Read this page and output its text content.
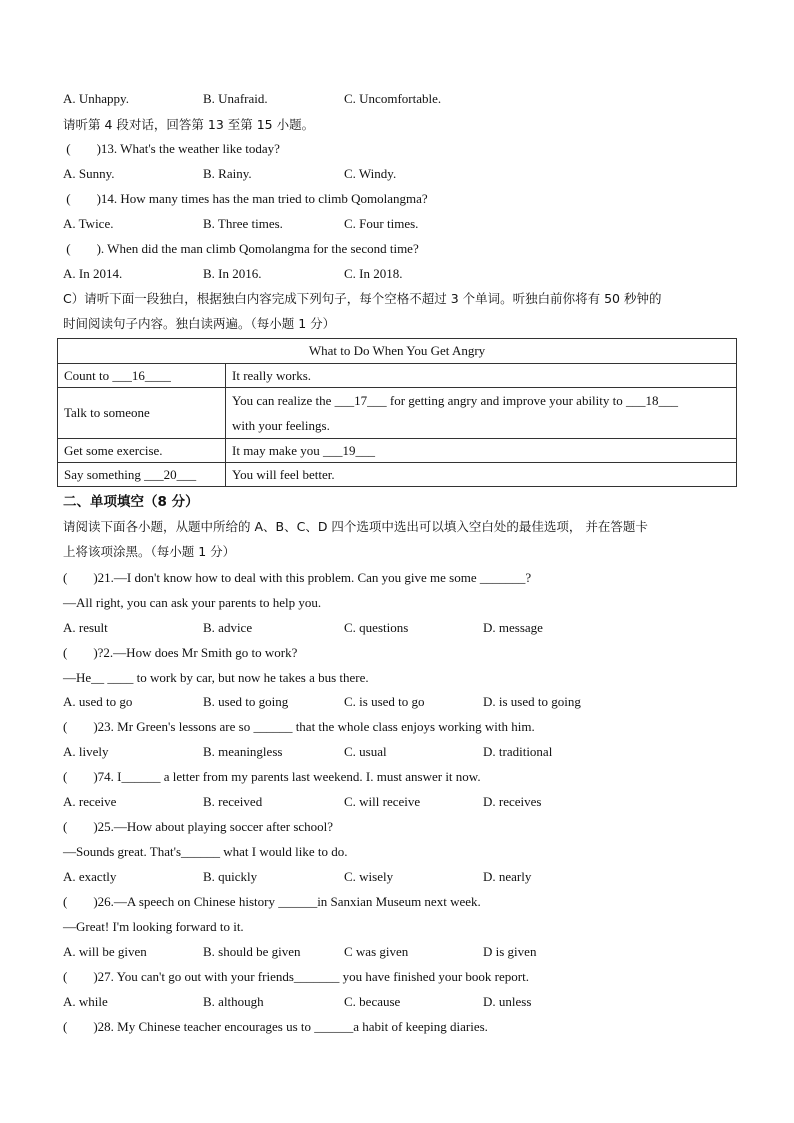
A. Unhappy.	B. Unafraid.	C. Uncomfortable.
请听第 4 段对话，回答第 13 至第 15 小题。
(        )13. What's the weather like today?
A. Sunny.	B. Rainy.	C. Windy.
(        )14. How many times has the man tried to climb Qomolangma?
A. Twice.	B. Three times.	C. Four times.
(        ). When did the man climb Qomolangma for the second time?
A. In 2014.	B. In 2016.	C. In 2018.
C）请听下面一段独白，根据独白内容完成下列句子，每个空格不超过 3 个单词。听独白前你将有 50 秒钟的
时间阅读句子内容。独白读两遍。（每小题 1 分）
What to Do When You Get Angry	
Count to ___16____	It really works.
Talk to someone	You can realize the ___17___ for getting angry and improve your ability to ___18___
with your feelings.

Get some exercise.	It may make you ___19___
Say something ___20___	You will feel better.
二、单项填空（8 分）
请阅读下面各小题，从题中所给的 A、B、C、D 四个选项中选出可以填入空白处的最佳选项， 并在答题卡
上将该项涂黑。（每小题 1 分）
(        )21.—I don't know how to deal with this problem. Can you give me some _______?
—All right, you can ask your parents to help you.
A. result	B. advice	C. questions	D. message
(        )?2.—How does Mr Smith go to work?
—He__ ____ to work by car, but now he takes a bus there.
A. used to go	B. used to going	C. is used to go	D. is used to going
(        )23. Mr Green's lessons are so ______ that the whole class enjoys working with him.
A. lively	B. meaningless	C. usual	D. traditional
(        )74. I______ a letter from my parents last weekend. I. must answer it now.
A. receive	B. received	C. will receive	D. receives
(        )25.—How about playing soccer after school?
—Sounds great. That's______ what I would like to do.
A. exactly	B. quickly	C. wisely	D. nearly
(        )26.—A speech on Chinese history ______in Sanxian Museum next week.
—Great! I'm looking forward to it.
A. will be given	B. should be given	C was given	D is given
(        )27. You can't go out with your friends_______ you have finished your book report.
A. while	B. although	C. because	D. unless
(        )28. My Chinese teacher encourages us to ______a habit of keeping diaries.
